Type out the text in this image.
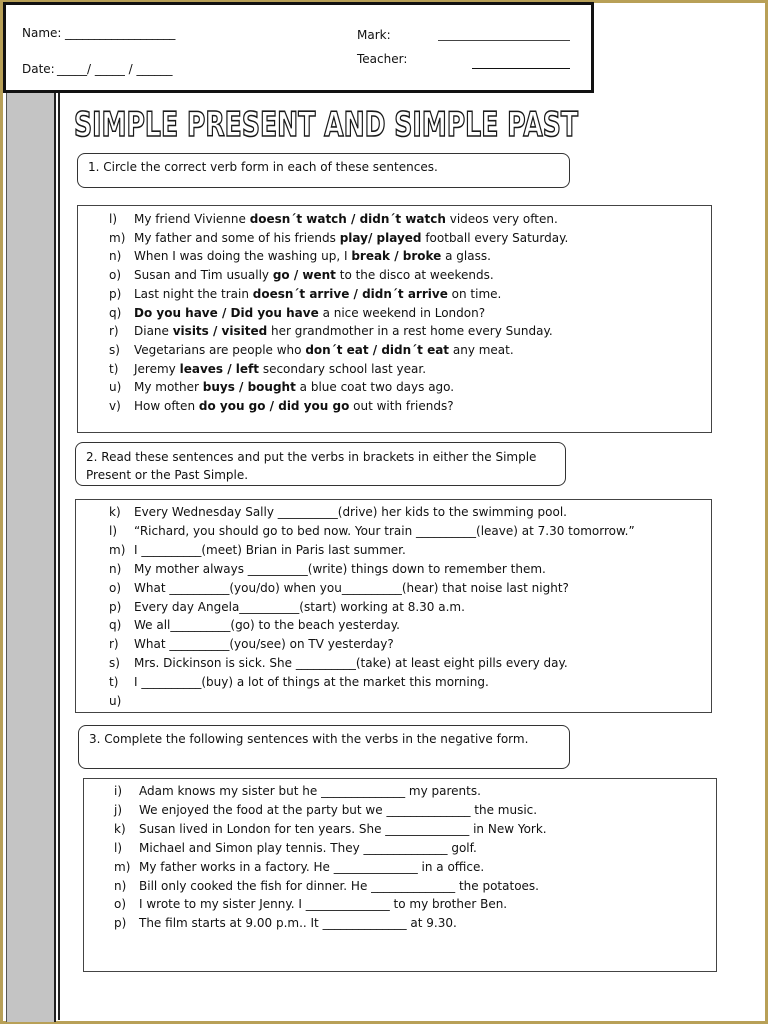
Name: ___________________
Date: _____/ _____ / ______
Mark:
Teacher:
SIMPLE PRESENT AND SIMPLE PAST
1. Circle the correct verb form in each of these sentences.
l)	My friend Vivienne doesn´t watch / didn´t watch videos very often.
m) My father and some of his friends play/ played football every Saturday.
n)	When I was doing the washing up, I break / broke a glass.
o)	Susan and Tim usually go / went to the disco at weekends.
p)	Last night the train doesn´t arrive / didn´t arrive on time.
q)	Do you have / Did you have a nice weekend in London?
r)	Diane visits / visited her grandmother in a rest home every Sunday.
s)	Vegetarians are people who don´t eat / didn´t eat any meat.
t)	Jeremy leaves / left secondary school last year.
u)	My mother buys / bought a blue coat two days ago.
v)	How often do you go / did you go out with friends?
2. Read these sentences and put the verbs in brackets in either the Simple
Present or the Past Simple.
k)	Every Wednesday Sally __________(drive) her kids to the swimming pool.
l)	“Richard, you should go to bed now. Your train __________(leave) at 7.30 tomorrow.”
m) I __________(meet) Brian in Paris last summer.
n)	My mother always __________(write) things down to remember them.
o)	What __________(you/do) when you__________(hear) that noise last night?
p)	Every day Angela__________(start) working at 8.30 a.m.
q)	We all__________(go) to the beach yesterday.
r)	What __________(you/see) on TV yesterday?
s)	Mrs. Dickinson is sick. She __________(take) at least eight pills every day.
t)	I __________(buy) a lot of things at the market this morning.
u)
3. Complete the following sentences with the verbs in the negative form.
i)	Adam knows my sister but he ______________ my parents.
j)	We enjoyed the food at the party but we ______________ the music.
k)	Susan lived in London for ten years. She ______________ in New York.
l)	Michael and Simon play tennis. They ______________ golf.
m) My father works in a factory. He ______________ in a office.
n)	Bill only cooked the fish for dinner. He ______________ the potatoes.
o)	I wrote to my sister Jenny. I ______________ to my brother Ben.
p)	The film starts at 9.00 p.m.. It ______________ at 9.30.
